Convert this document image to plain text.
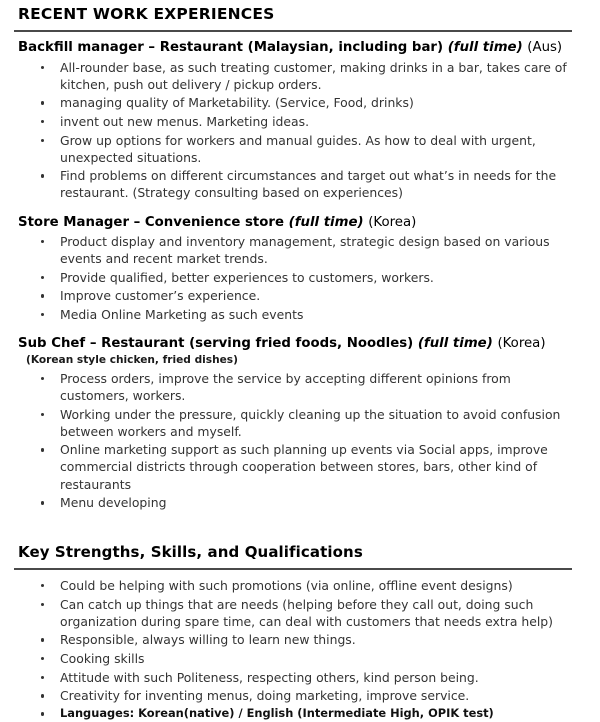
RECENT WORK EXPERIENCES
Backfill manager – Restaurant (Malaysian, including bar) (full time) (Aus)
All-rounder base, as such treating customer, making drinks in a bar, takes care of kitchen, push out delivery / pickup orders.
managing quality of Marketability. (Service, Food, drinks)
invent out new menus. Marketing ideas.
Grow up options for workers and manual guides. As how to deal with urgent, unexpected situations.
Find problems on different circumstances and target out what’s in needs for the restaurant. (Strategy consulting based on experiences)
Store Manager – Convenience store (full time) (Korea)
Product display and inventory management, strategic design based on various events and recent market trends.
Provide qualified, better experiences to customers, workers.
Improve customer’s experience.
Media Online Marketing as such events
Sub Chef – Restaurant (serving fried foods, Noodles) (full time) (Korea)
(Korean style chicken, fried dishes)
Process orders, improve the service by accepting different opinions from customers, workers.
Working under the pressure, quickly cleaning up the situation to avoid confusion between workers and myself.
Online marketing support as such planning up events via Social apps, improve commercial districts through cooperation between stores, bars, other kind of restaurants
Menu developing
Key Strengths, Skills, and Qualifications
Could be helping with such promotions (via online, offline event designs)
Can catch up things that are needs (helping before they call out, doing such organization during spare time, can deal with customers that needs extra help)
Responsible, always willing to learn new things.
Cooking skills
Attitude with such Politeness, respecting others, kind person being.
Creativity for inventing menus, doing marketing, improve service.
Languages: Korean(native) / English (Intermediate High, OPIK test)
